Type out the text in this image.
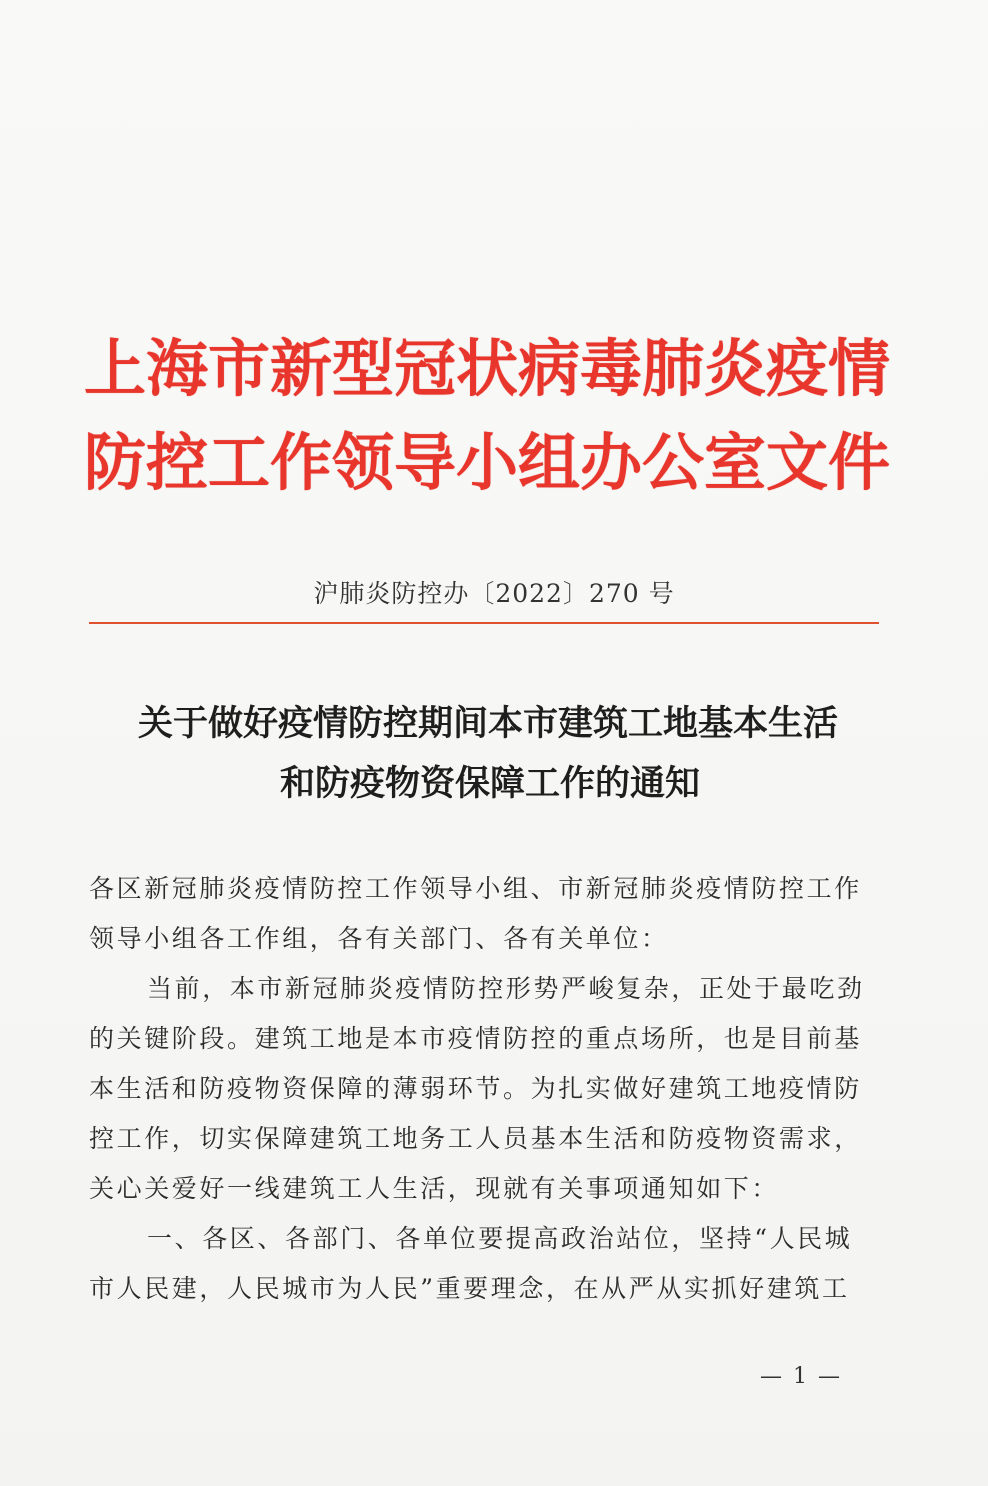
上海市新型冠状病毒肺炎疫情
防控工作领导小组办公室文件
沪肺炎防控办〔2022〕270 号
关于做好疫情防控期间本市建筑工地基本生活
和防疫物资保障工作的通知
各区新冠肺炎疫情防控工作领导小组、市新冠肺炎疫情防控工作
领导小组各工作组，各有关部门、各有关单位：
当前，本市新冠肺炎疫情防控形势严峻复杂，正处于最吃劲
的关键阶段。建筑工地是本市疫情防控的重点场所，也是目前基
本生活和防疫物资保障的薄弱环节。为扎实做好建筑工地疫情防
控工作，切实保障建筑工地务工人员基本生活和防疫物资需求，
关心关爱好一线建筑工人生活，现就有关事项通知如下：
一、各区、各部门、各单位要提高政治站位，坚持“人民城
市人民建，人民城市为人民”重要理念，在从严从实抓好建筑工
— 1 —
